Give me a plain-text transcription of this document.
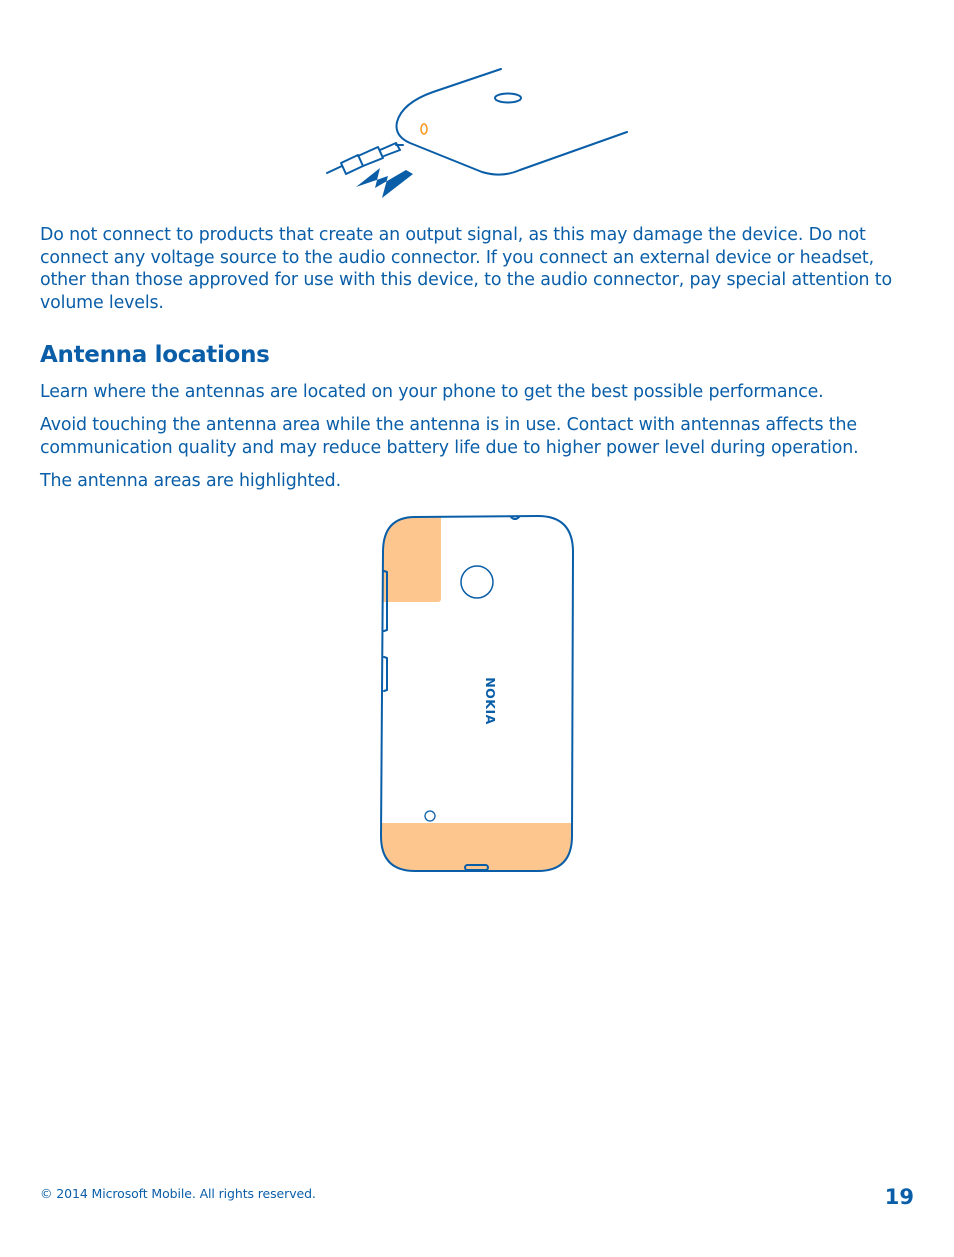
Do not connect to products that create an output signal, as this may damage the device. Do not connect any voltage source to the audio connector. If you connect an external device or headset, other than those approved for use with this device, to the audio connector, pay special attention to volume levels.

Antenna locations

Learn where the antennas are located on your phone to get the best possible performance.

Avoid touching the antenna area while the antenna is in use. Contact with antennas affects the communication quality and may reduce battery life due to higher power level during operation.

The antenna areas are highlighted.

NOKIA
© 2014 Microsoft Mobile. All rights reserved.	19
